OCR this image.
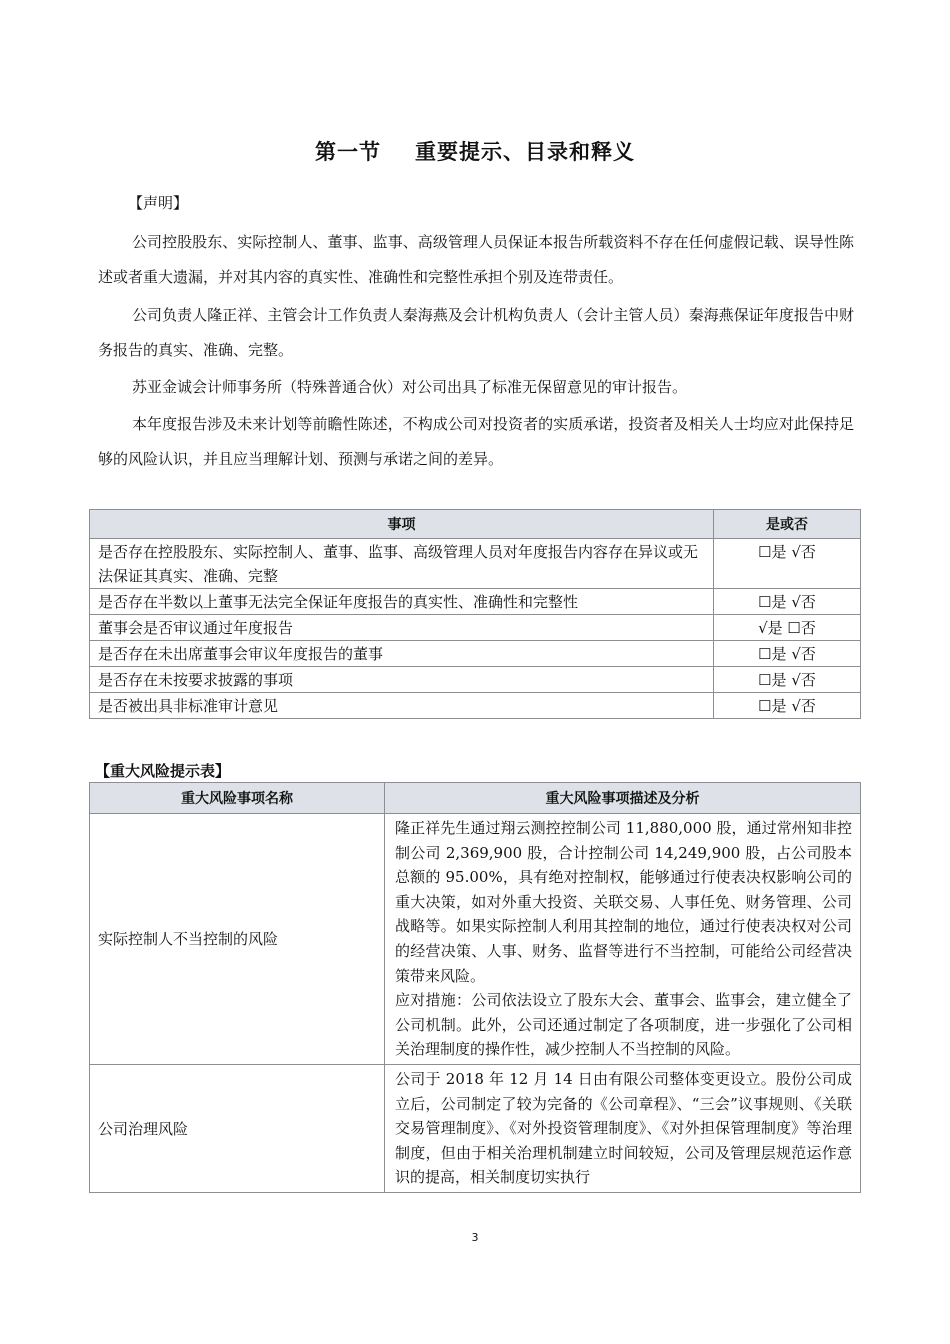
第一节 重要提示、目录和释义
【声明】
公司控股股东、实际控制人、董事、监事、高级管理人员保证本报告所载资料不存在任何虚假记载、误导性陈述或者重大遗漏，并对其内容的真实性、准确性和完整性承担个别及连带责任。
公司负责人隆正祥、主管会计工作负责人秦海燕及会计机构负责人（会计主管人员）秦海燕保证年度报告中财务报告的真实、准确、完整。
苏亚金诚会计师事务所（特殊普通合伙）对公司出具了标准无保留意见的审计报告。
本年度报告涉及未来计划等前瞻性陈述，不构成公司对投资者的实质承诺，投资者及相关人士均应对此保持足够的风险认识，并且应当理解计划、预测与承诺之间的差异。
事项	是或否
是否存在控股股东、实际控制人、董事、监事、高级管理人员对年度报告内容存在异议或无法保证其真实、准确、完整	☐是 √否
是否存在半数以上董事无法完全保证年度报告的真实性、准确性和完整性	☐是 √否
董事会是否审议通过年度报告	√是 ☐否
是否存在未出席董事会审议年度报告的董事	☐是 √否
是否存在未按要求披露的事项	☐是 √否
是否被出具非标准审计意见	☐是 √否
【重大风险提示表】
重大风险事项名称	重大风险事项描述及分析
实际控制人不当控制的风险	隆正祥先生通过翔云测控控制公司 11,880,000 股，通过常州知非控制公司 2,369,900 股，合计控制公司 14,249,900 股，占公司股本总额的 95.00%，具有绝对控制权，能够通过行使表决权影响公司的重大决策，如对外重大投资、关联交易、人事任免、财务管理、公司战略等。如果实际控制人利用其控制的地位，通过行使表决权对公司的经营决策、人事、财务、监督等进行不当控制，可能给公司经营决策带来风险。
应对措施：公司依法设立了股东大会、董事会、监事会，建立健全了公司机制。此外，公司还通过制定了各项制度，进一步强化了公司相关治理制度的操作性，减少控制人不当控制的风险。

公司治理风险	公司于 2018 年 12 月 14 日由有限公司整体变更设立。股份公司成立后，公司制定了较为完备的《公司章程》、“三会”议事规则、《关联交易管理制度》、《对外投资管理制度》、《对外担保管理制度》等治理制度，但由于相关治理机制建立时间较短，公司及管理层规范运作意识的提高，相关制度切实执行
3
